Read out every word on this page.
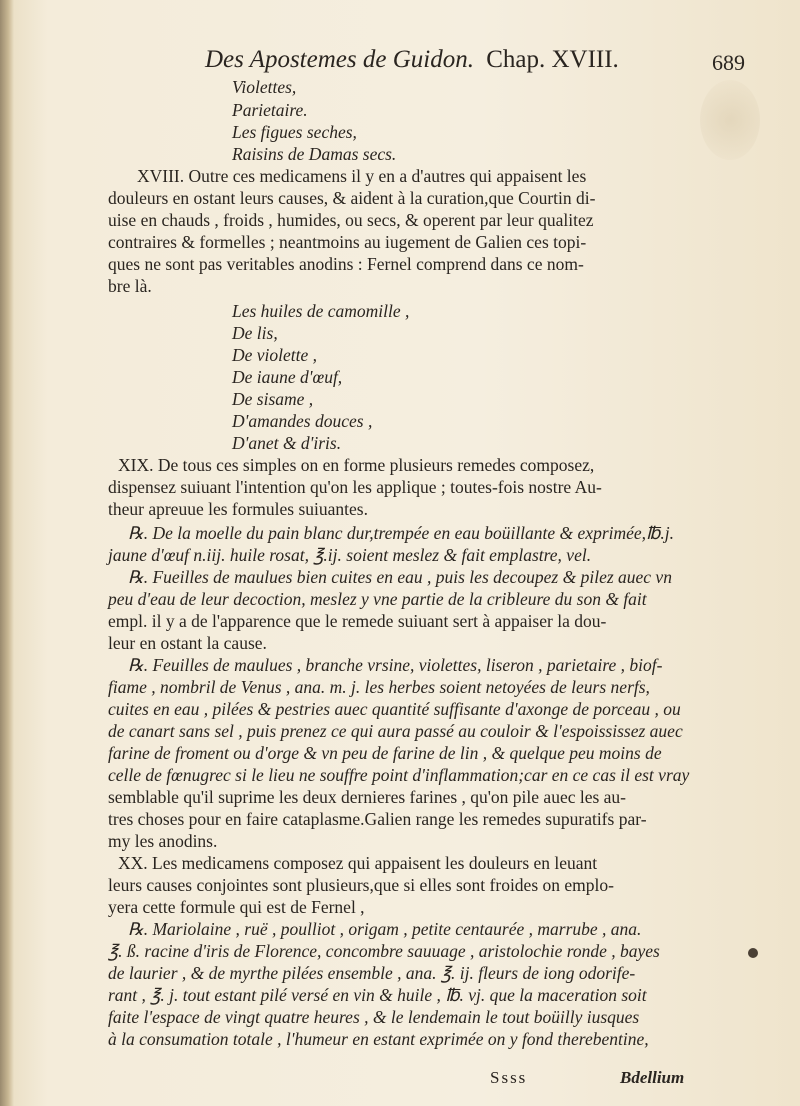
Des Apostemes de Guidon. Chap. XVIII.	689
Violettes,
Parietaire.
Les figues seches,
Raisins de Damas secs.
XVIII. Outre ces medicamens il y en a d'autres qui appaisent les
douleurs en ostant leurs causes, & aident à la curation,que Courtin di-
uise en chauds , froids , humides, ou secs, & operent par leur qualitez
contraires & formelles ; neantmoins au iugement de Galien ces topi-
ques ne sont pas veritables anodins : Fernel comprend dans ce nom-
bre là.
Les huiles de camomille ,
De lis,
De violette ,
De iaune d'œuf,
De sisame ,
D'amandes douces ,
D'anet & d'iris.
XIX. De tous ces simples on en forme plusieurs remedes composez,
dispensez suiuant l'intention qu'on les applique ; toutes-fois nostre Au-
theur apreuue les formules suiuantes.
℞. De la moelle du pain blanc dur,trempée en eau boüillante & exprimée,℔.j.
jaune d'œuf n.iij. huile rosat, ℥.ij. soient meslez & fait emplastre, vel.
℞. Fueilles de maulues bien cuites en eau , puis les decoupez & pilez auec vn
peu d'eau de leur decoction, meslez y vne partie de la cribleure du son & fait
empl. il y a de l'apparence que le remede suiuant sert à appaiser la dou-
leur en ostant la cause.
℞. Feuilles de maulues , branche vrsine, violettes, liseron , parietaire , biof-
fiame , nombril de Venus , ana. m. j. les herbes soient netoyées de leurs nerfs,
cuites en eau , pilées & pestries auec quantité suffisante d'axonge de porceau , ou
de canart sans sel , puis prenez ce qui aura passé au couloir & l'espoississez auec
farine de froment ou d'orge & vn peu de farine de lin , & quelque peu moins de
celle de fœnugrec si le lieu ne souffre point d'inflammation;car en ce cas il est vray
semblable qu'il suprime les deux dernieres farines , qu'on pile auec les au-
tres choses pour en faire cataplasme.Galien range les remedes supuratifs par-
my les anodins.
XX. Les medicamens composez qui appaisent les douleurs en leuant
leurs causes conjointes sont plusieurs,que si elles sont froides on emplo-
yera cette formule qui est de Fernel ,
℞. Mariolaine , ruë , poulliot , origam , petite centaurée , marrube , ana.
℥. ß. racine d'iris de Florence, concombre sauuage , aristolochie ronde , bayes
de laurier , & de myrthe pilées ensemble , ana. ℥. ij. fleurs de iong odorife-
rant , ℥. j. tout estant pilé versé en vin & huile , ℔. vj. que la maceration soit
faite l'espace de vingt quatre heures , & le lendemain le tout boüilly iusques
à la consumation totale , l'humeur en estant exprimée on y fond therebentine,
Ssss	Bdellium
